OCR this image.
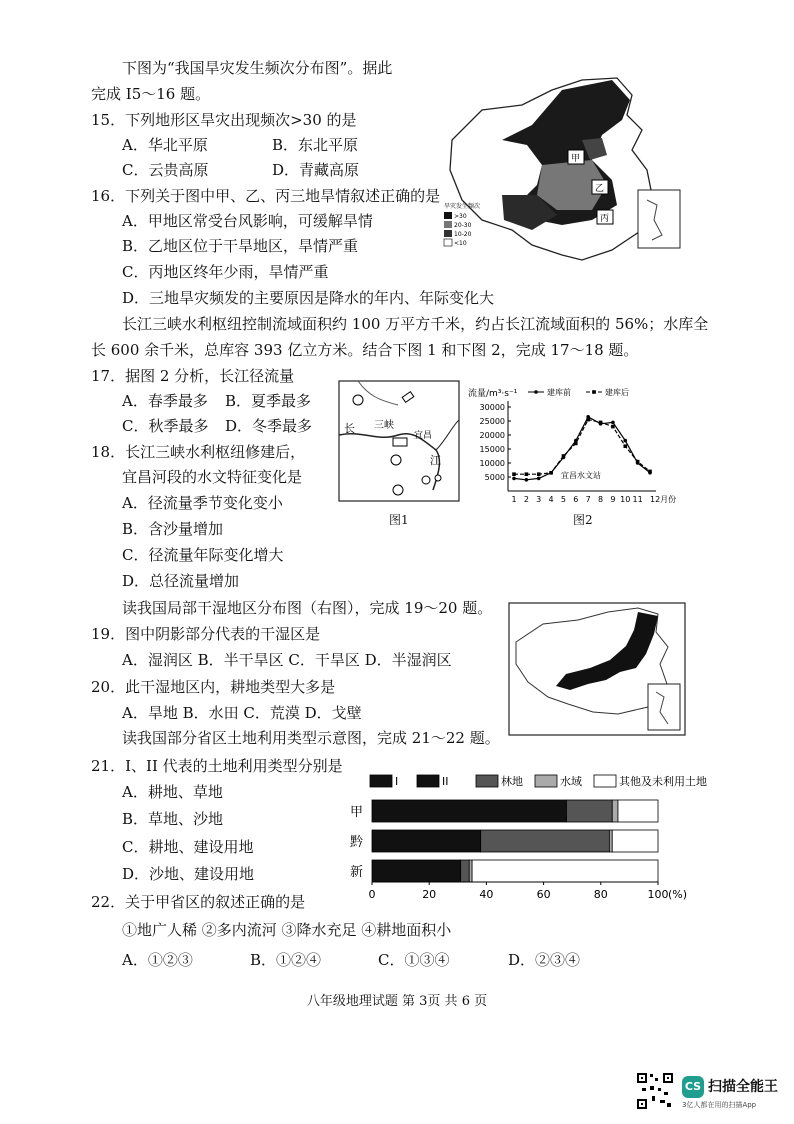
下图为“我国旱灾发生频次分布图”。据此
完成 I5～16 题。
15．下列地形区旱灾出现频次>30 的是
A．华北平原	B．东北平原
C．云贵高原	D．青藏高原
16．下列关于图中甲、乙、丙三地旱情叙述正确的是
A．甲地区常受台风影响，可缓解旱情
B．乙地区位于干旱地区，旱情严重
C．丙地区终年少雨，旱情严重
D．三地旱灾频发的主要原因是降水的年内、年际变化大
甲
乙
丙
旱灾发生频次
>30
20-30
10-20
<10
长江三峡水利枢纽控制流域面积约 100 万平方千米，约占长江流域面积的 56%；水库全
长 600 余千米，总库容 393 亿立方米。结合下图 1 和下图 2，完成 17～18 题。
17．据图 2 分析，长江径流量
A．春季最多 B．夏季最多
C．秋季最多 D．冬季最多
18．长江三峡水利枢纽修建后，
宜昌河段的水文特征变化是
A．径流量季节变化变小
B．含沙量增加
C．径流量年际变化增大
D．总径流量增加
长 三峡
宜昌
江
图1
流量/m³·s⁻¹
5000
10000
15000
20000
25000
30000
1 2 3 4 5 6 7 8 9 10 11 12月份
建库前	建库后
宜昌水文站
图2
读我国局部干湿地区分布图（右图），完成 19～20 题。
19．图中阴影部分代表的干湿区是
A．湿润区 B．半干旱区 C．干旱区 D．半湿润区
20．此干湿地区内，耕地类型大多是
A．旱地 B．水田 C．荒漠 D．戈壁
读我国部分省区土地利用类型示意图，完成 21～22 题。
21．I、II 代表的土地利用类型分别是
A．耕地、草地
B．草地、沙地
C．耕地、建设用地
D．沙地、建设用地
22．关于甲省区的叙述正确的是
①地广人稀 ②多内流河 ③降水充足 ④耕地面积小
A．①②③	B．①②④	C．①③④	D．②③④
I	II	林地	水域	其他及未利用土地
甲
黔
新
0	20	40	60	80	100 (%)
八年级地理试题 第 3页 共 6 页
CS 扫描全能王
3亿人都在用的扫描App
